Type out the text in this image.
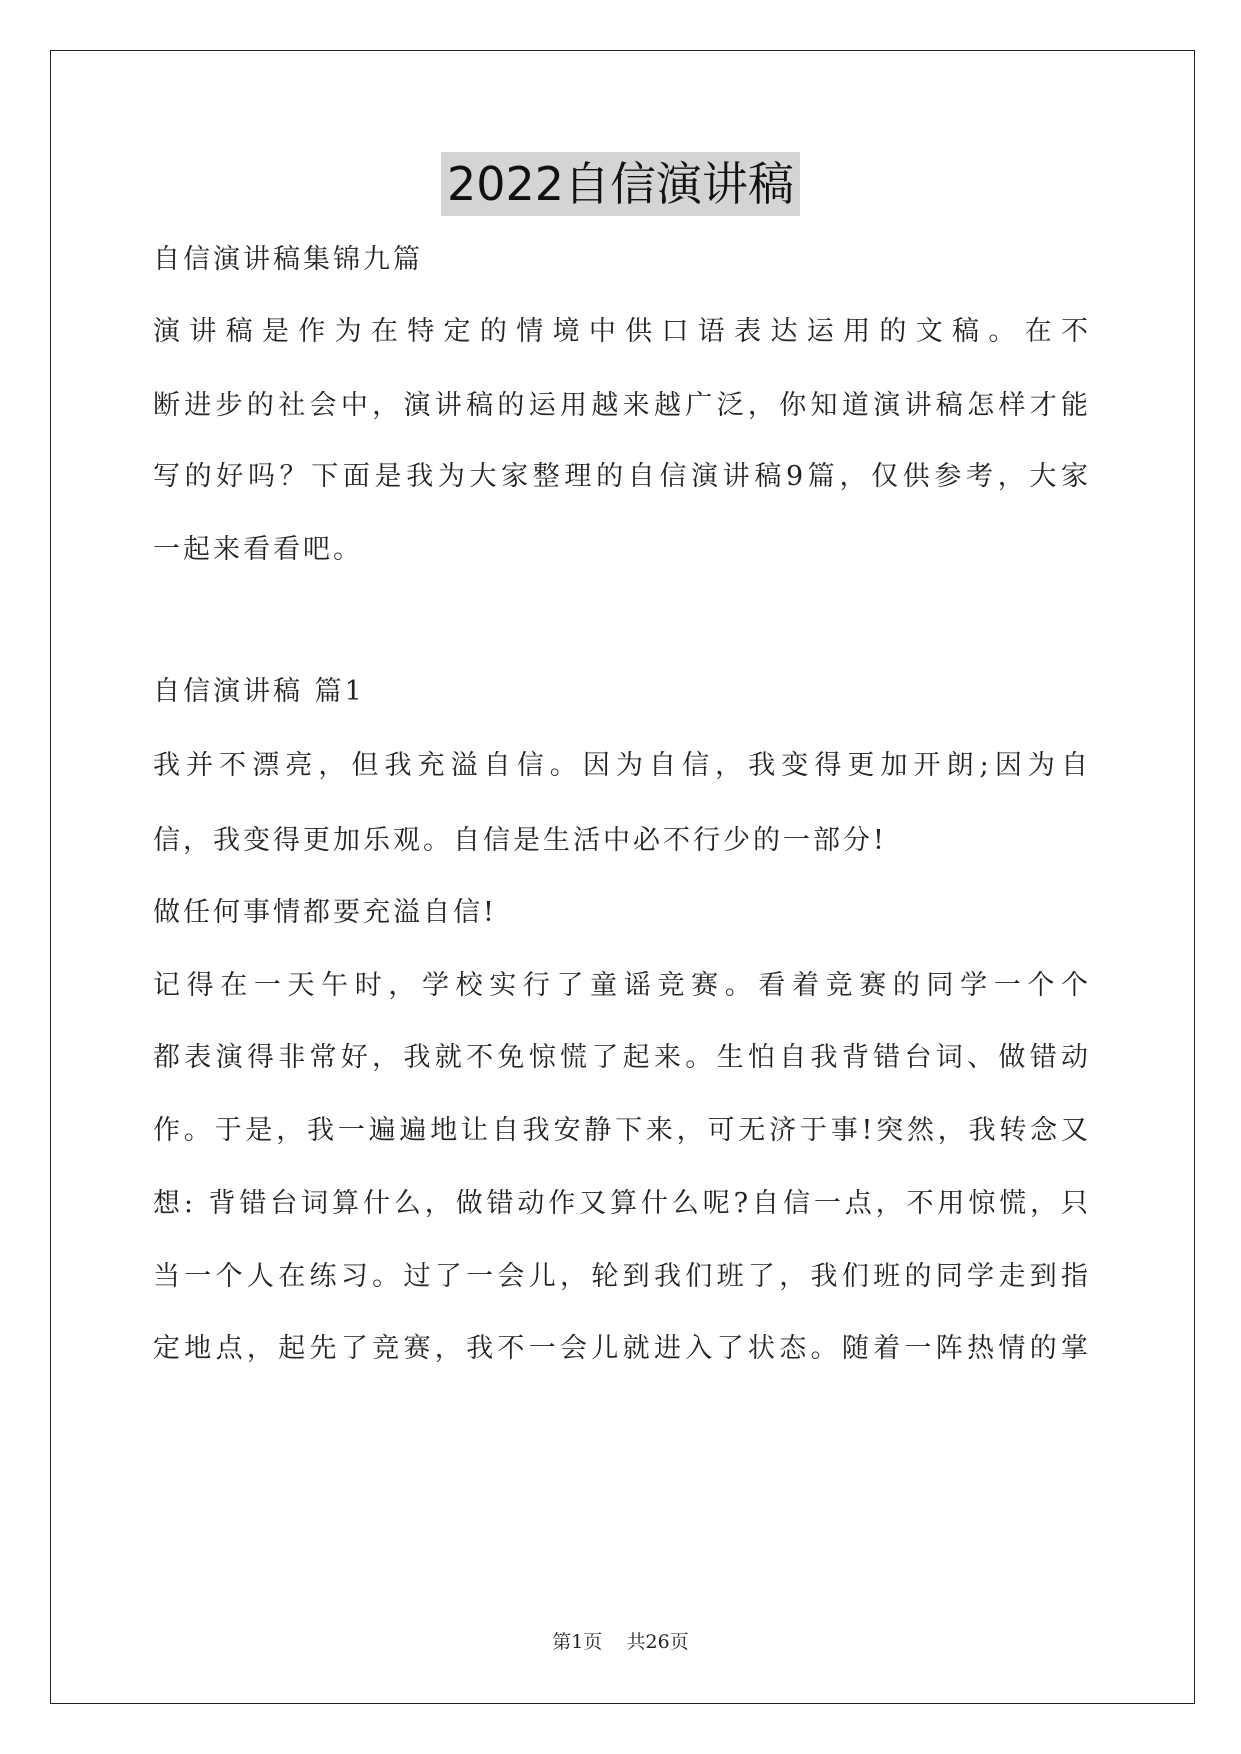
2022自信演讲稿

自信演讲稿集锦九篇

演讲稿是作为在特定的情境中供口语表达运用的文稿。在不

断进步的社会中，演讲稿的运用越来越广泛，你知道演讲稿怎样才能

写的好吗？下面是我为大家整理的自信演讲稿9篇，仅供参考，大家

一起来看看吧。

自信演讲稿 篇1

我并不漂亮，但我充溢自信。因为自信，我变得更加开朗;因为自

信，我变得更加乐观。自信是生活中必不行少的一部分!

做任何事情都要充溢自信!

记得在一天午时，学校实行了童谣竞赛。看着竞赛的同学一个个

都表演得非常好，我就不免惊慌了起来。生怕自我背错台词、做错动

作。于是，我一遍遍地让自我安静下来，可无济于事!突然，我转念又

想: 背错台词算什么，做错动作又算什么呢?自信一点，不用惊慌，只

当一个人在练习。过了一会儿，轮到我们班了，我们班的同学走到指

定地点，起先了竞赛，我不一会儿就进入了状态。随着一阵热情的掌

第1页    共26页
